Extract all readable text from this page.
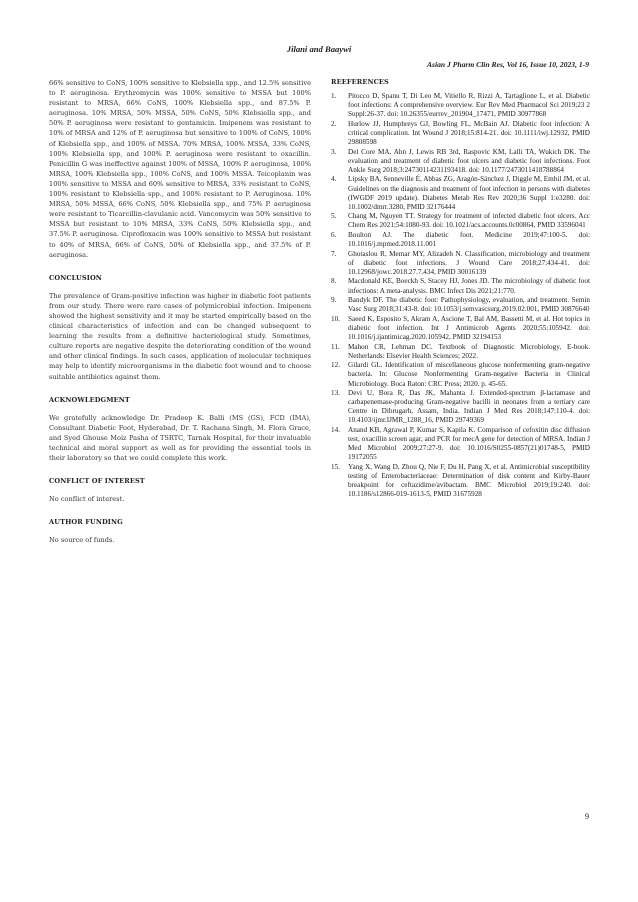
Jilani and Baaywi
Asian J Pharm Clin Res, Vol 16, Issue 10, 2023, 1-9

66% sensitive to CoNS, 100% sensitive to Klebsiella spp., and 12.5% sensitive to P. aeruginosa. Erythromycin was 100% sensitive to MSSA but 100% resistant to MRSA, 66% CoNS, 100% Klebsiella spp., and 87.5% P. aeruginosa. 10% MRSA, 50% MSSA, 50% CoNS, 50% Klebsiella spp., and 50% P. aeruginosa were resistant to gentamicin. Imipenem was resistant to 10% of MRSA and 12% of P. aeruginosa but sensitive to 100% of CoNS, 100% of Klebsiella spp., and 100% of MSSA. 70% MRSA, 100% MSSA, 33% CoNS, 100% Klebsiella spp, and 100% P. aeruginosa were resistant to oxacillin. Penicillin G was ineffective against 100% of MSSA, 100% P. aeruginosa, 100% MRSA, 100% Klebsiella spp., 100% CoNS, and 100% MSSA. Teicoplanin was 100% sensitive to MSSA and 60% sensitive to MRSA, 33% resistant to CoNS, 100% resistant to Klebsiella spp., and 100% resistant to P. Aeruginosa. 10% MRSA, 50% MSSA, 66% CoNS, 50% Klebsiella spp., and 75% P. aeruginosa were resistant to Ticarcillin-clavulanic acid. Vancomycin was 50% sensitive to MSSA but resistant to 10% MRSA, 33% CoNS, 50% Klebsiella spp., and 37.5% P. aeruginosa. Ciprofloxacin was 100% sensitive to MSSA but resistant to 40% of MRSA, 66% of CoNS, 50% of Klebsiella spp., and 37.5% of P. aeruginosa.

CONCLUSION

The prevalence of Gram-positive infection was higher in diabetic foot patients from our study. There were rare cases of polymicrobial infection. Imipenem showed the highest sensitivity and it may be started empirically based on the clinical characteristics of infection and can be changed subsequent to learning the results from a definitive bacteriological study. Sometimes, culture reports are negative despite the deteriorating condition of the wound and other clinical findings. In such cases, application of molecular techniques may help to identify microorganisms in the diabetic foot wound and to choose suitable antibiotics against them.

ACKNOWLEDGMENT

We gratefully acknowledge Dr. Pradeep K. Balli (MS (GS), FCD (IMA), Consultant Diabetic Foot, Hyderabad, Dr. T. Rachana Singh, M. Flora Grace, and Syed Ghouse Moiz Pasha of TSRTC, Tarnak Hospital, for their invaluable technical and moral support as well as for providing the essential tools in their laboratory so that we could complete this work.

CONFLICT OF INTEREST

No conflict of interest.

AUTHOR FUNDING

No source of funds.

REEFERENCES
1.	Pitocco D, Spanu T, Di Leo M, Vitiello R, Rizzi A, Tartaglione L, et al. Diabetic foot infections: A comprehensive overview. Eur Rev Med Pharmacol Sci 2019;23 2 Suppl:26-37. doi: 10.26355/eurrev_201904_17471, PMID 30977868
2.	Hurlow JJ, Humphreys GJ, Bowling FL, McBain AJ. Diabetic foot infection: A critical complication. Int Wound J 2018;15:814-21. doi: 10.1111/iwj.12932, PMID 29808598
3.	Del Core MA, Ahn J, Lewis RB 3rd, Raspovic KM, Lalli TA, Wukich DK. The evaluation and treatment of diabetic foot ulcers and diabetic foot infections. Foot Ankle Surg 2018;3:24730114231193418. doi: 10.1177/2473011418788864
4.	Lipsky BA, Senneville É, Abbas ZG, Aragón-Sánchez J, Diggle M, Embil JM, et al. Guidelines on the diagnosis and treatment of foot infection in persons with diabetes (IWGDF 2019 update). Diabetes Metab Res Rev 2020;36 Suppl 1:e3280. doi: 10.1002/dmrr.3280, PMID 32176444
5.	Chang M, Nguyen TT. Strategy for treatment of infected diabetic foot ulcers. Acc Chem Res 2021;54:1080-93. doi: 10.1021/acs.accounts.0c00864, PMID 33596041
6.	Boulton AJ. The diabetic foot. Medicine 2019;47:100-5. doi: 10.1016/j.mpmed.2018.11.001
7.	Ghotaslou R, Memar MY, Alizadeh N. Classification, microbiology and treatment of diabetic foot infections. J Wound Care 2018;27:434-41. doi: 10.12968/jowc.2018.27.7.434, PMID 30016139
8.	Macdonald KE, Boeckh S, Stacey HJ, Jones JD. The microbiology of diabetic foot infections: A meta-analysis. BMC Infect Dis 2021;21:770.
9.	Bandyk DF. The diabetic foot: Pathophysiology, evaluation, and treatment. Semin Vasc Surg 2018;31:43-8. doi: 10.1053/j.semvascsurg.2019.02.001, PMID 30876640
10.	Saeed K, Esposito S, Akram A, Ascione T, Bal AM, Bassetti M, et al. Hot topics in diabetic foot infection. Int J Antimicrob Agents 2020;55:105942. doi: 10.1016/j.ijantimicag.2020.105942, PMID 32194153
11.	Mahon CR, Lehman DC. Textbook of Diagnostic Microbiology, E-book. Netherlands: Elsevier Health Sciences; 2022.
12.	Gilardi GL. Identification of miscellaneous glucose nonfermenting gram-negative bacteria. In: Glucose Nonfermenting Gram-negative Bacteria in Clinical Microbiology. Boca Raton: CRC Press; 2020. p. 45-65.
13.	Devi U, Bora R, Das JK, Mahanta J. Extended-spectrum β-lactamase and carbapenemase-producing Gram-negative bacilli in neonates from a tertiary care Centre in Dibrugarh, Assam, India. Indian J Med Res 2018;147:110-4. doi: 10.4103/ijmr.IJMR_1288_16, PMID 29749369
14.	Anand KB, Agrawal P, Kumar S, Kapila K. Comparison of cefoxitin disc diffusion test, oxacillin screen agar, and PCR for mecA gene for detection of MRSA. Indian J Med Microbiol 2009;27:27-9. doi: 10.1016/S0255-0857(21)01748-5, PMID 19172055
15.	Yang X, Wang D, Zhou Q, Nie F, Du H, Pang X, et al. Antimicrobial susceptibility testing of Enterobacteriaceae: Determination of disk content and Kirby-Bauer breakpoint for ceftazidime/avibactam. BMC Microbiol 2019;19:240. doi: 10.1186/s12866-019-1613-5, PMID 31675928
9
